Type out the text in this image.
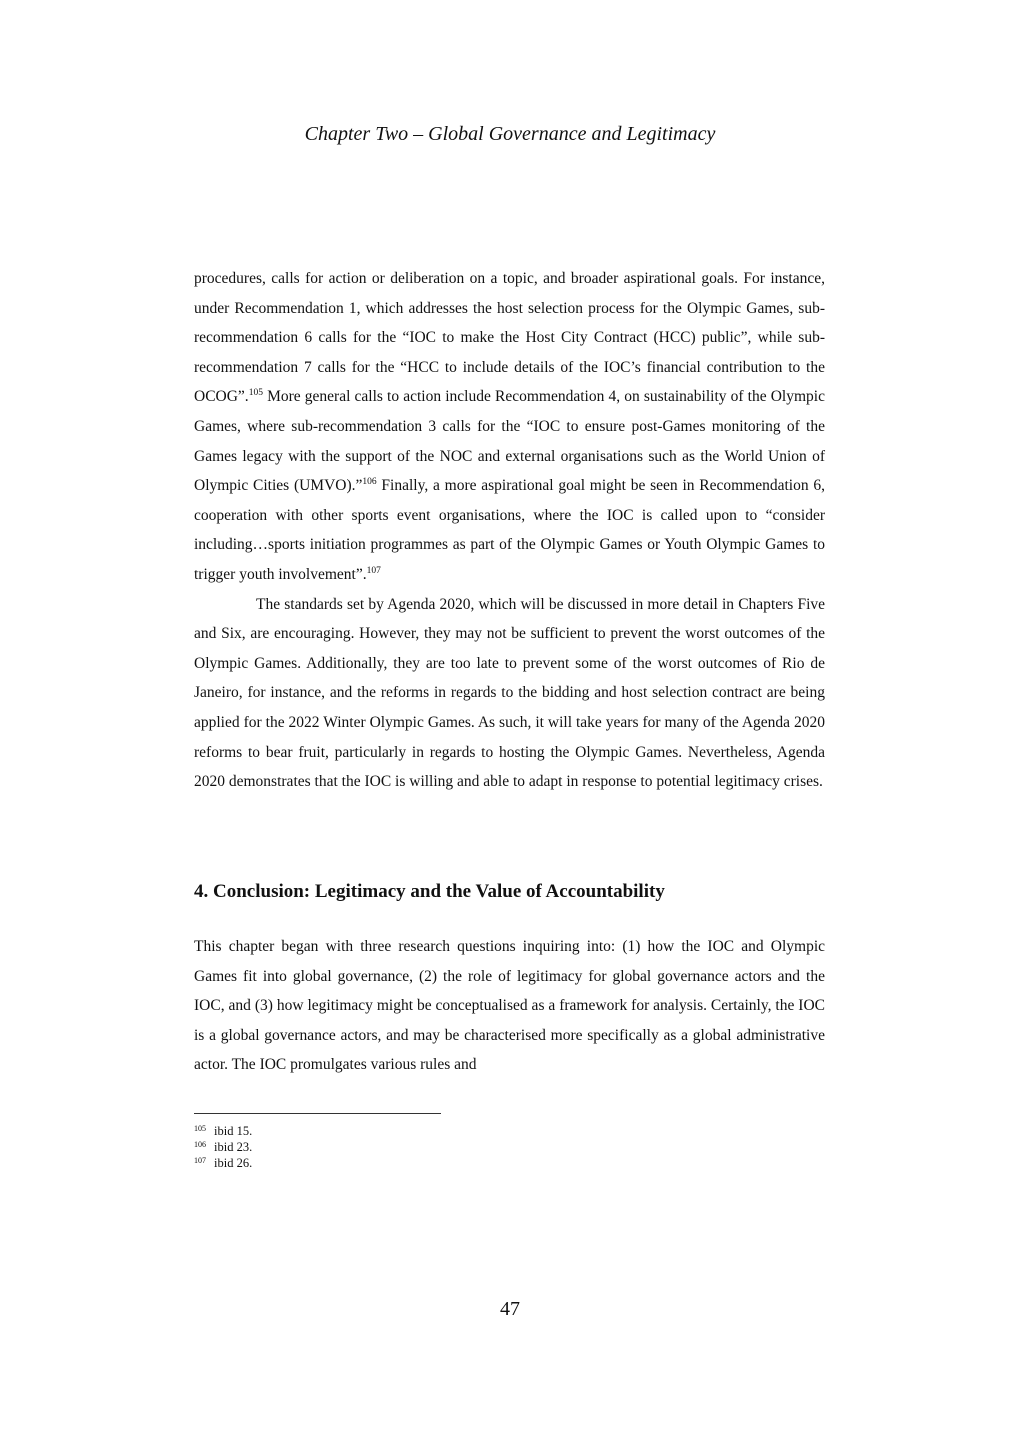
Chapter Two – Global Governance and Legitimacy

procedures, calls for action or deliberation on a topic, and broader aspirational goals. For instance, under Recommendation 1, which addresses the host selection process for the Olympic Games, sub-recommendation 6 calls for the “IOC to make the Host City Contract (HCC) public”, while sub-recommendation 7 calls for the “HCC to include details of the IOC’s financial contribution to the OCOG”.$^{105}$ More general calls to action include Recommendation 4, on sustainability of the Olympic Games, where sub-recommendation 3 calls for the “IOC to ensure post-Games monitoring of the Games legacy with the support of the NOC and external organisations such as the World Union of Olympic Cities (UMVO).”$^{106}$ Finally, a more aspirational goal might be seen in Recommendation 6, cooperation with other sports event organisations, where the IOC is called upon to “consider including…sports initiation programmes as part of the Olympic Games or Youth Olympic Games to trigger youth involvement”.$^{107}$

The standards set by Agenda 2020, which will be discussed in more detail in Chapters Five and Six, are encouraging. However, they may not be sufficient to prevent the worst outcomes of the Olympic Games. Additionally, they are too late to prevent some of the worst outcomes of Rio de Janeiro, for instance, and the reforms in regards to the bidding and host selection contract are being applied for the 2022 Winter Olympic Games. As such, it will take years for many of the Agenda 2020 reforms to bear fruit, particularly in regards to hosting the Olympic Games. Nevertheless, Agenda 2020 demonstrates that the IOC is willing and able to adapt in response to potential legitimacy crises.

4. Conclusion: Legitimacy and the Value of Accountability

This chapter began with three research questions inquiring into: (1) how the IOC and Olympic Games fit into global governance, (2) the role of legitimacy for global governance actors and the IOC, and (3) how legitimacy might be conceptualised as a framework for analysis. Certainly, the IOC is a global governance actors, and may be characterised more specifically as a global administrative actor. The IOC promulgates various rules and

105 ibid 15.
106 ibid 23.
107 ibid 26.
47
